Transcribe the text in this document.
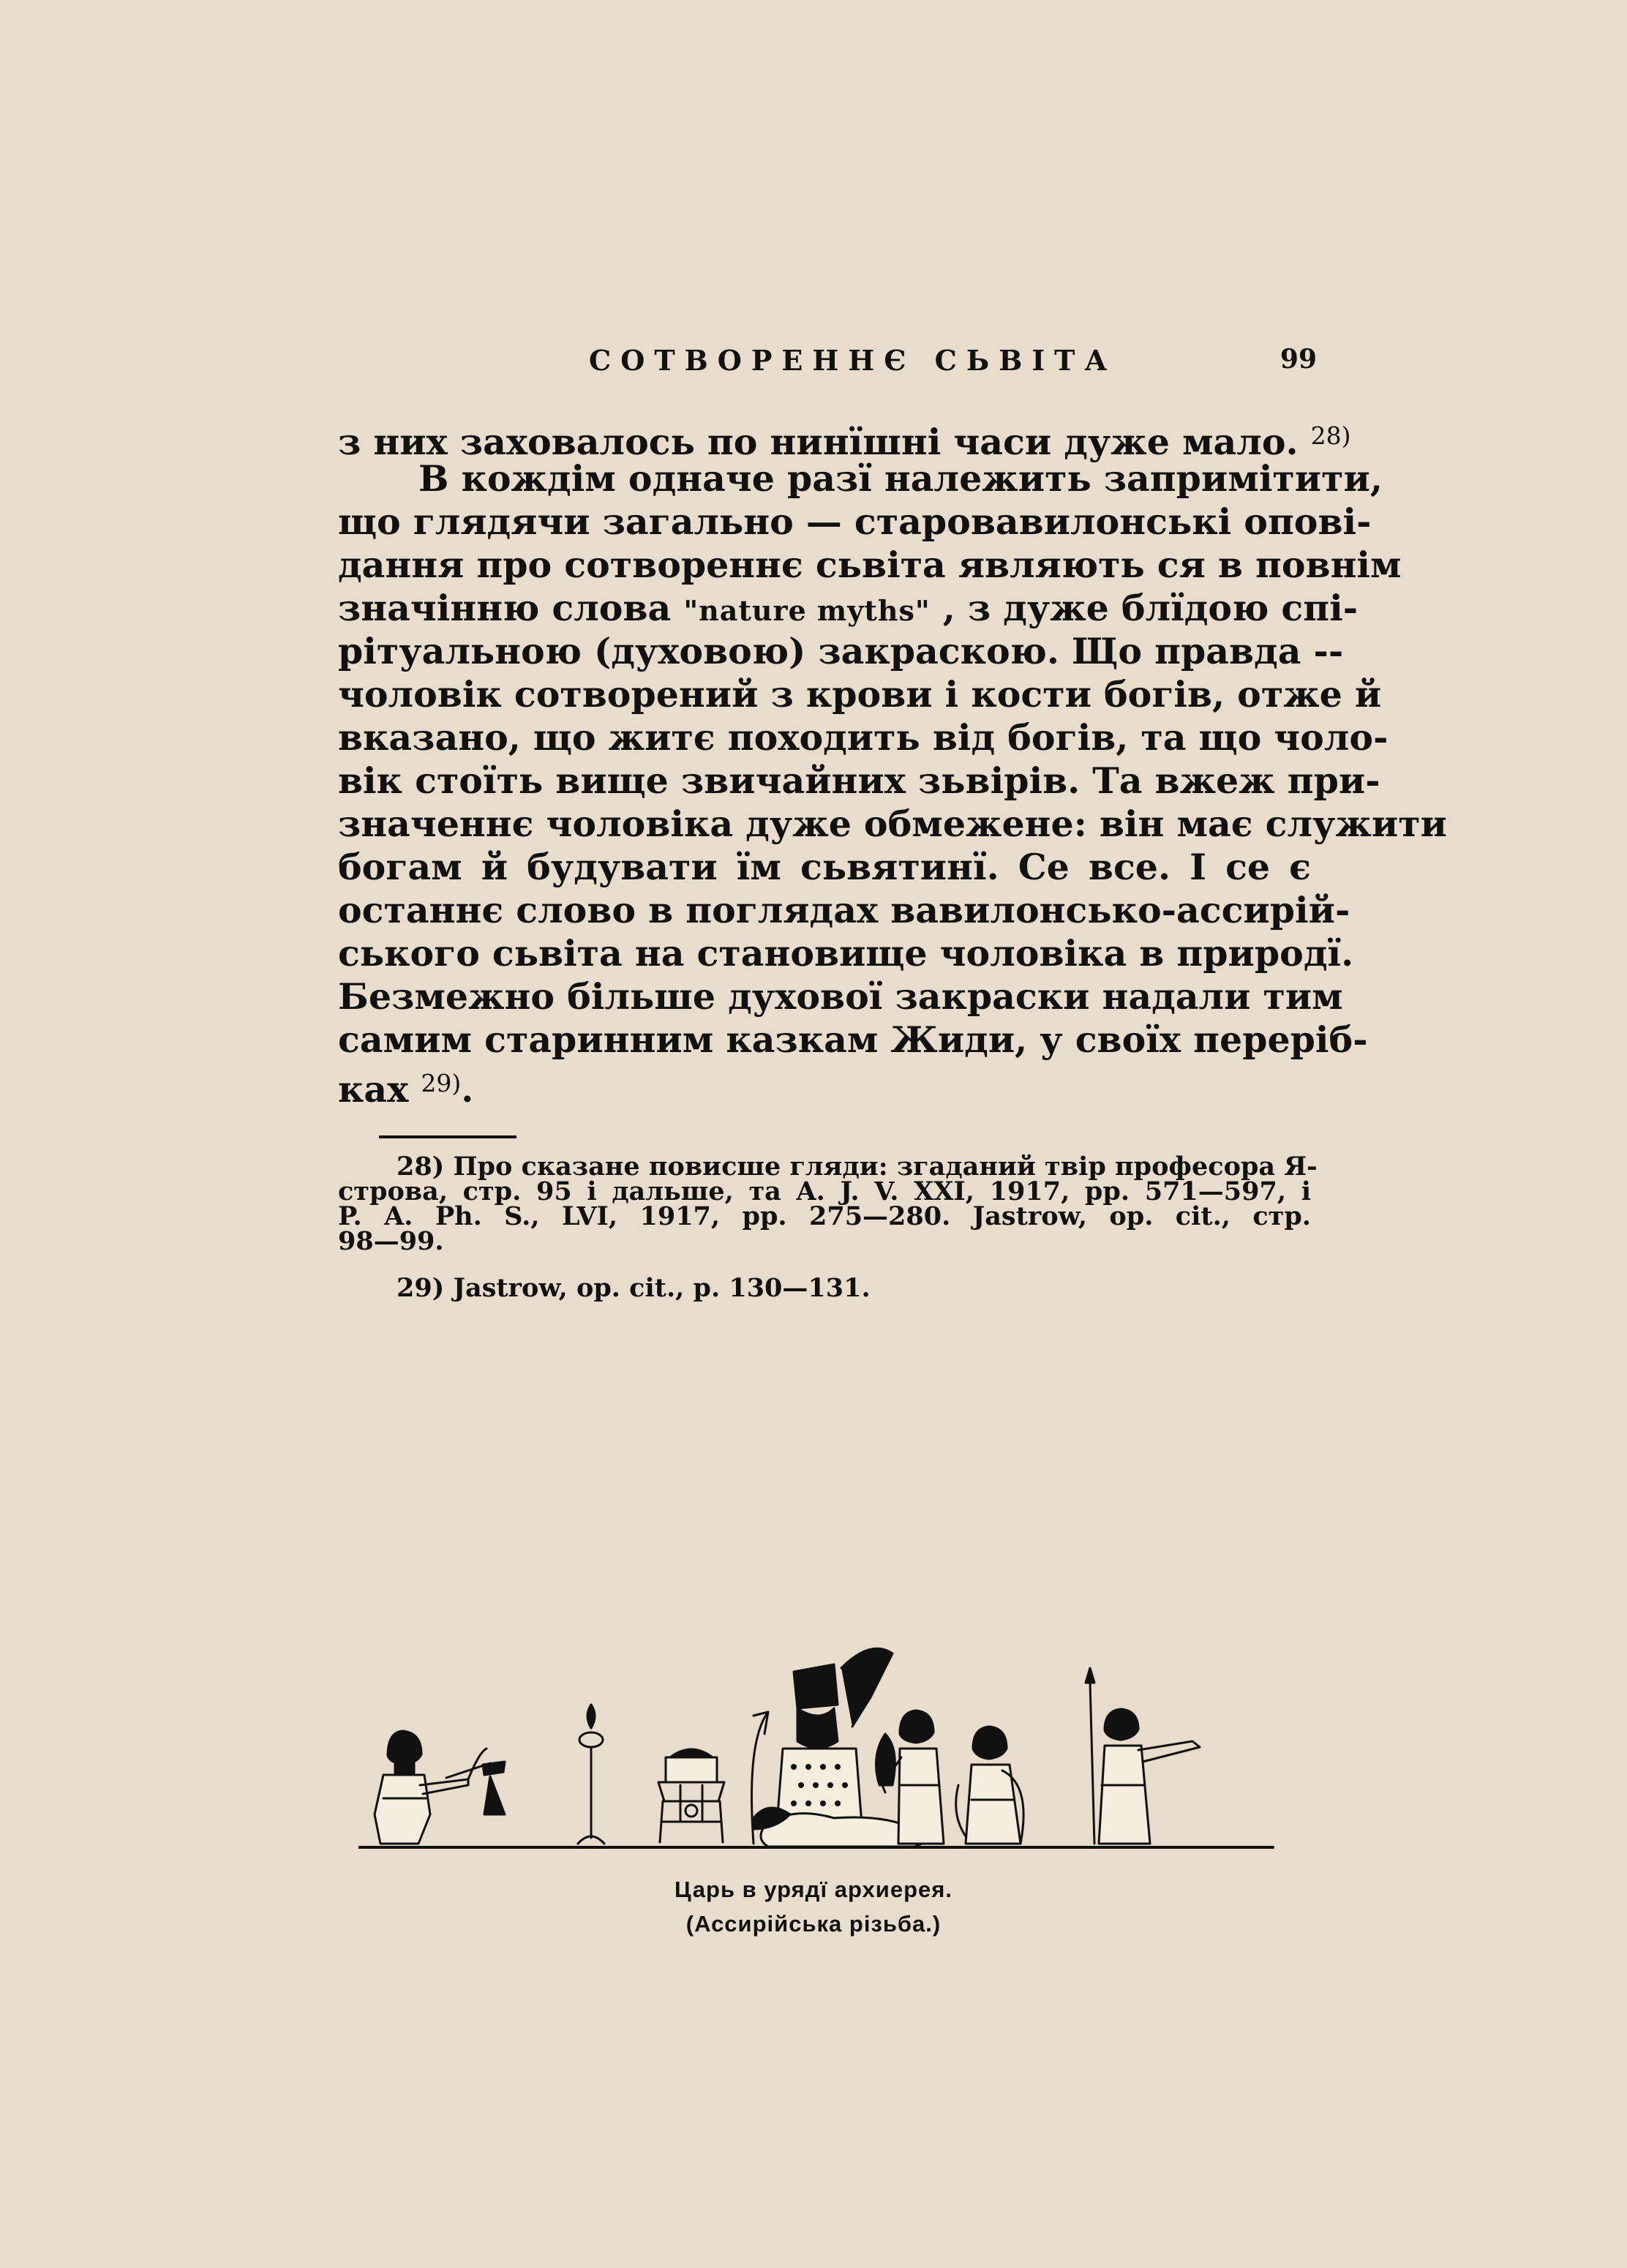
СОТВОРЕННЄ СЬВІТА	99
з них заховалось по нинїшні часи дуже мало. $^{28)}$
В кождім одначе разї належить запримітити,
що глядячи загально — старовавилонські опові-
дання про сотвореннє сьвіта являють ся в повнім
значінню слова "nature myths" , з дуже блїдою спі-
рітуальною (духовою) закраскою. Що правда --
чоловік сотворений з крови і кости богів, отже й
вказано, що житє походить від богів, та що чоло-
вік стоїть вище звичайних зьвірів. Та вжеж при-
значеннє чоловіка дуже обмежене: він має служити
богам й будувати їм сьвятинї. Се все. І се є
останнє слово в поглядах вавилонсько-ассирій-
ського сьвіта на становище чоловіка в природї.
Безмежно більше духової закраски надали тим
самим старинним казкам Жиди, у своїх переріб-
ках $^{29)}$.
28) Про сказане повисше гляди: згаданий твір професора Я-
строва, стр. 95 і дальше, та A. J. V. XXI, 1917, pp. 571—597, і
P. A. Ph. S., LVI, 1917, pp. 275—280. Jastrow, op. cit., стр.
98—99.
29) Jastrow, op. cit., p. 130—131.
Царь в урядї архиерея.
(Ассирійська різьба.)
